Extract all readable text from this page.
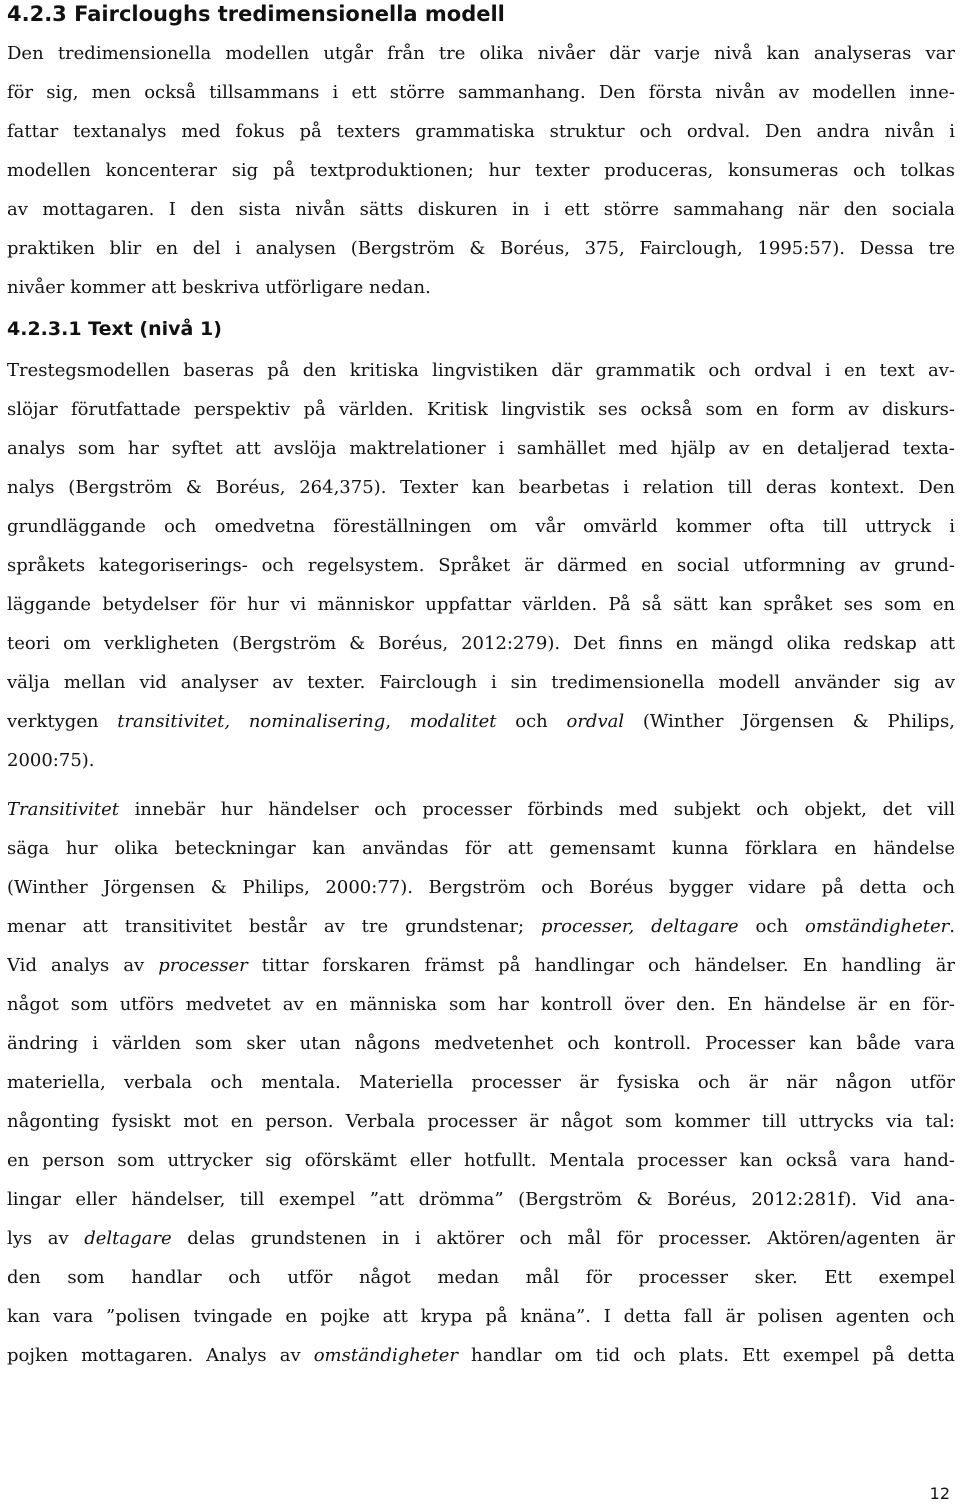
4.2.3 Faircloughs tredimensionella modell

Den tredimensionella modellen utgår från tre olika nivåer där varje nivå kan analyseras var
för sig, men också tillsammans i ett större sammanhang. Den första nivån av modellen inne-
fattar textanalys med fokus på texters grammatiska struktur och ordval. Den andra nivån i
modellen koncenterar sig på textproduktionen; hur texter produceras, konsumeras och tolkas
av mottagaren. I den sista nivån sätts diskuren in i ett större sammahang när den sociala
praktiken blir en del i analysen (Bergström & Boréus, 375, Fairclough, 1995:57). Dessa tre
nivåer kommer att beskriva utförligare nedan.

4.2.3.1 Text (nivå 1)

Trestegsmodellen baseras på den kritiska lingvistiken där grammatik och ordval i en text av-
slöjar förutfattade perspektiv på världen. Kritisk lingvistik ses också som en form av diskurs-
analys som har syftet att avslöja maktrelationer i samhället med hjälp av en detaljerad texta-
nalys (Bergström & Boréus, 264,375). Texter kan bearbetas i relation till deras kontext. Den
grundläggande och omedvetna föreställningen om vår omvärld kommer ofta till uttryck i
språkets kategoriserings- och regelsystem. Språket är därmed en social utformning av grund-
läggande betydelser för hur vi människor uppfattar världen. På så sätt kan språket ses som en
teori om verkligheten (Bergström & Boréus, 2012:279). Det finns en mängd olika redskap att
välja mellan vid analyser av texter. Fairclough i sin tredimensionella modell använder sig av
verktygen transitivitet, nominalisering, modalitet och ordval (Winther Jörgensen & Philips,
2000:75).

Transitivitet innebär hur händelser och processer förbinds med subjekt och objekt, det vill
säga hur olika beteckningar kan användas för att gemensamt kunna förklara en händelse
(Winther Jörgensen & Philips, 2000:77). Bergström och Boréus bygger vidare på detta och
menar att transitivitet består av tre grundstenar; processer, deltagare och omständigheter.
Vid analys av processer tittar forskaren främst på handlingar och händelser. En handling är
något som utförs medvetet av en människa som har kontroll över den. En händelse är en för-
ändring i världen som sker utan någons medvetenhet och kontroll. Processer kan både vara
materiella, verbala och mentala. Materiella processer är fysiska och är när någon utför
någonting fysiskt mot en person. Verbala processer är något som kommer till uttrycks via tal:
en person som uttrycker sig oförskämt eller hotfullt. Mentala processer kan också vara hand-
lingar eller händelser, till exempel ”att drömma” (Bergström & Boréus, 2012:281f). Vid ana-
lys av deltagare delas grundstenen in i aktörer och mål för processer. Aktören/agenten är
den som handlar och utför något medan mål för processer sker. Ett exempel
kan vara ”polisen tvingade en pojke att krypa på knäna”. I detta fall är polisen agenten och
pojken mottagaren. Analys av omständigheter handlar om tid och plats. Ett exempel på detta

12
